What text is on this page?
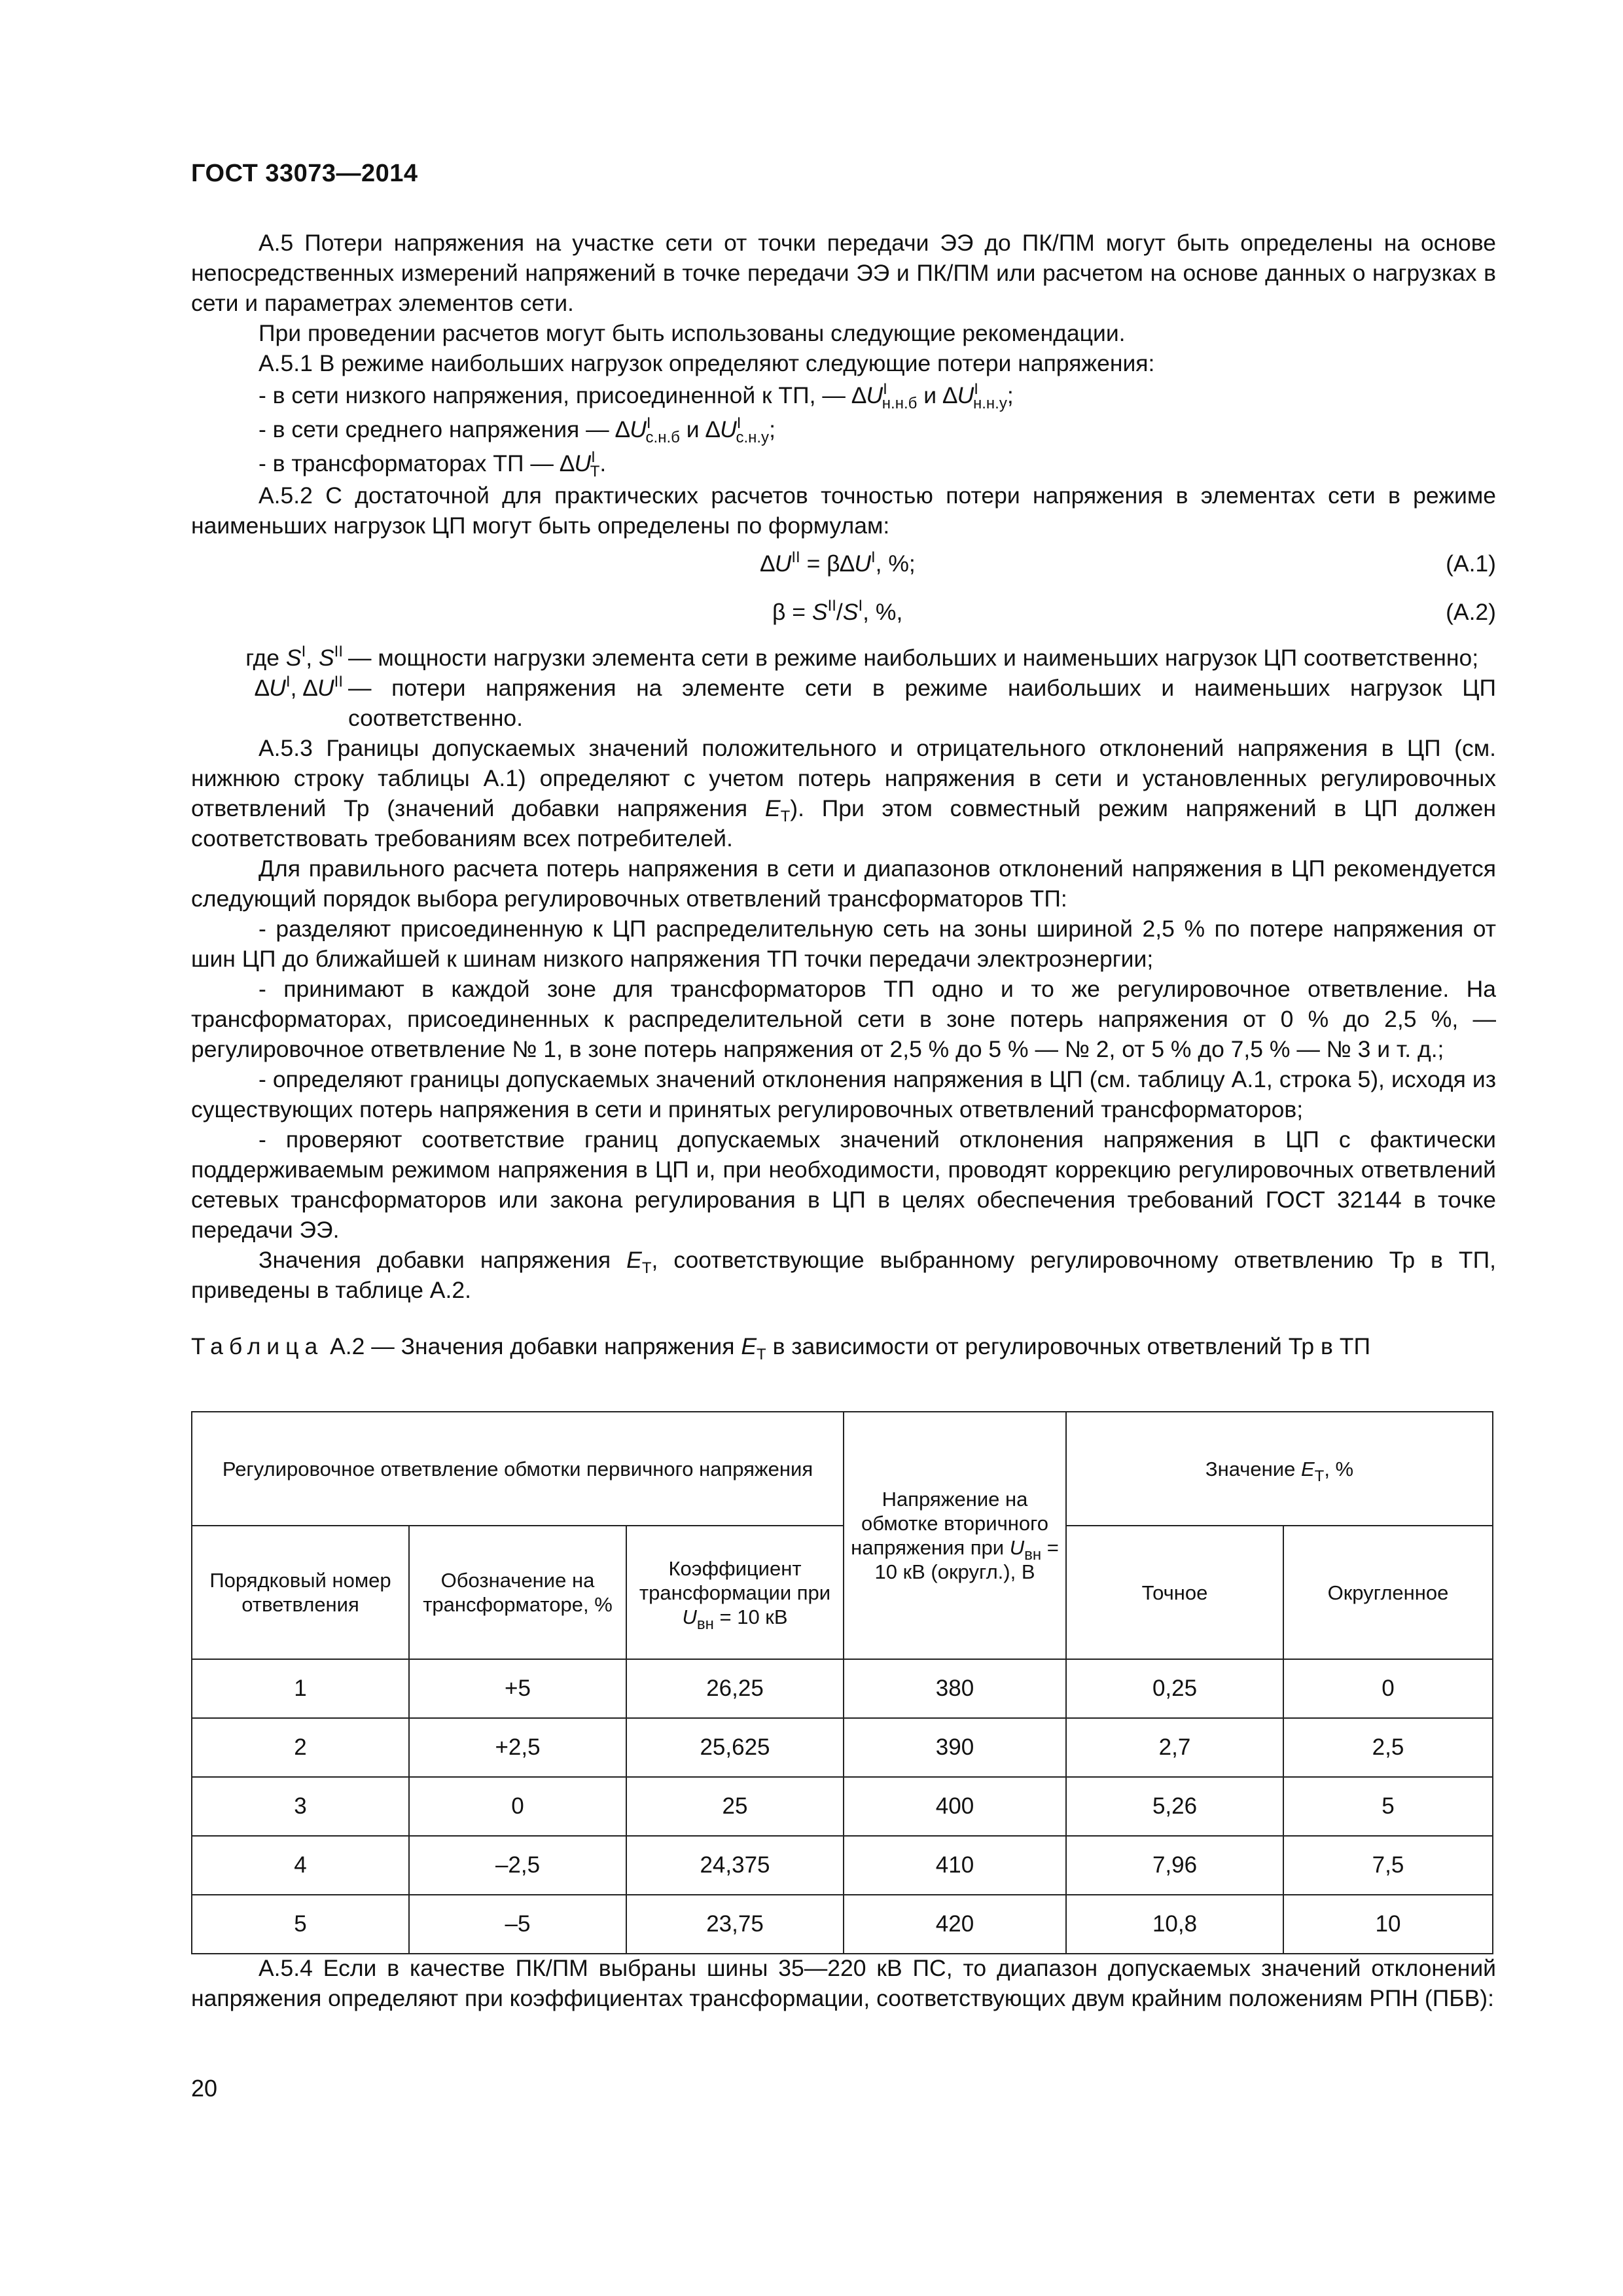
ГОСТ 33073—2014

А.5 Потери напряжения на участке сети от точки передачи ЭЭ до ПК/ПМ могут быть определены на основе непосредственных измерений напряжений в точке передачи ЭЭ и ПК/ПМ или расчетом на основе данных о нагрузках в сети и параметрах элементов сети.

При проведении расчетов могут быть использованы следующие рекомендации.

А.5.1 В режиме наибольших нагрузок определяют следующие потери напряжения:

- в сети низкого напряжения, присоединенной к ТП, — $\Delta U^I_{н.н.б}$ и $\Delta U^I_{н.н.у}$;

- в сети среднего напряжения — $\Delta U^I_{с.н.б}$ и $\Delta U^I_{с.н.у}$;

- в трансформаторах ТП — $\Delta U^I_Т$.

А.5.2 С достаточной для практических расчетов точностью потери напряжения в элементах сети в режиме наименьших нагрузок ЦП могут быть определены по формулам:

$\Delta U^{II} = \beta\Delta U^I$, %;	(А.1)
$\beta = S^{II}/S^I$, %,	(А.2)
где $S^I$, $S^{II}$ — мощности нагрузки элемента сети в режиме наибольших и наименьших нагрузок ЦП соответственно;
$\Delta U^I$, $\Delta U^{II}$ — потери напряжения на элементе сети в режиме наибольших и наименьших нагрузок ЦП соответственно.

А.5.3 Границы допускаемых значений положительного и отрицательного отклонений напряжения в ЦП (см. нижнюю строку таблицы А.1) определяют с учетом потерь напряжения в сети и установленных регулировочных ответвлений Тр (значений добавки напряжения $E_Т$). При этом совместный режим напряжений в ЦП должен соответствовать требованиям всех потребителей.

Для правильного расчета потерь напряжения в сети и диапазонов отклонений напряжения в ЦП рекомендуется следующий порядок выбора регулировочных ответвлений трансформаторов ТП:

- разделяют присоединенную к ЦП распределительную сеть на зоны шириной 2,5 % по потере напряжения от шин ЦП до ближайшей к шинам низкого напряжения ТП точки передачи электроэнергии;

- принимают в каждой зоне для трансформаторов ТП одно и то же регулировочное ответвление. На трансформаторах, присоединенных к распределительной сети в зоне потерь напряжения от 0 % до 2,5 %, — регулировочное ответвление № 1, в зоне потерь напряжения от 2,5 % до 5 % — № 2, от 5 % до 7,5 % — № 3 и т. д.;

- определяют границы допускаемых значений отклонения напряжения в ЦП (см. таблицу А.1, строка 5), исходя из существующих потерь напряжения в сети и принятых регулировочных ответвлений трансформаторов;

- проверяют соответствие границ допускаемых значений отклонения напряжения в ЦП с фактически поддерживаемым режимом напряжения в ЦП и, при необходимости, проводят коррекцию регулировочных ответвлений сетевых трансформаторов или закона регулирования в ЦП в целях обеспечения требований ГОСТ 32144 в точке передачи ЭЭ.

Значения добавки напряжения $E_Т$, соответствующие выбранному регулировочному ответвлению Тр в ТП, приведены в таблице А.2.

Таблица А.2 — Значения добавки напряжения $E_Т$ в зависимости от регулировочных ответвлений Тр в ТП

Регулировочное ответвление обмотки первичного напряжения			Напряжение на обмотке вторичного напряжения при $U_{вн} = 10$ кВ (округл.), В	Значение $E_Т$, %	
Порядковый номер ответвления	Обозначение на трансформаторе, %	Коэффициент трансформации при $U_{вн} = 10$ кВ		Точное	Округленное
1	+5	26,25	380	0,25	0
2	+2,5	25,625	390	2,7	2,5
3	0	25	400	5,26	5
4	–2,5	24,375	410	7,96	7,5
5	–5	23,75	420	10,8	10

А.5.4 Если в качестве ПК/ПМ выбраны шины 35—220 кВ ПС, то диапазон допускаемых значений отклонений напряжения определяют при коэффициентах трансформации, соответствующих двум крайним положениям РПН (ПБВ):

20
